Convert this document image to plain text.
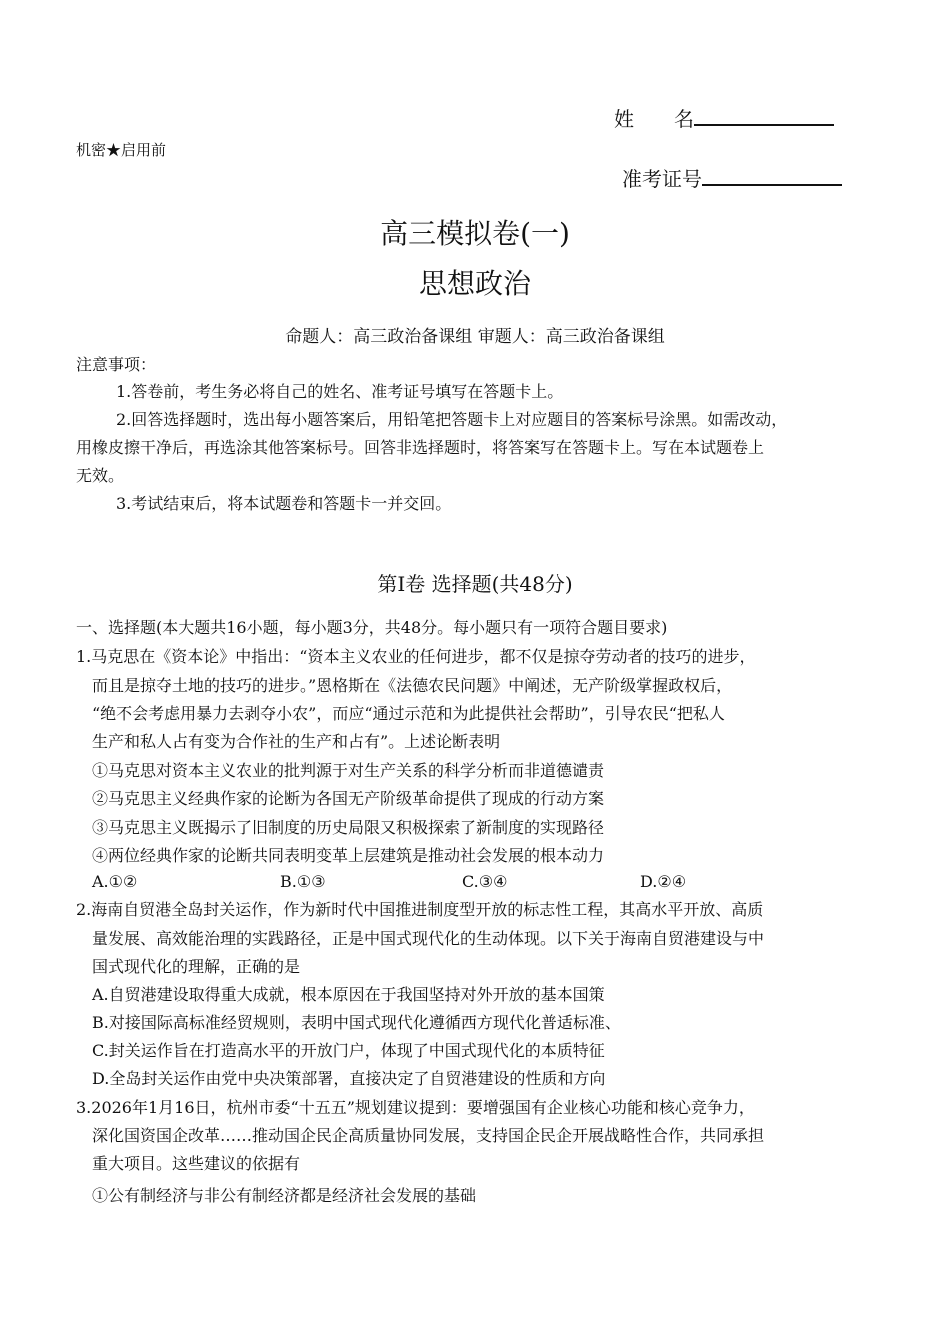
姓　　名
机密★启用前
准考证号
高三模拟卷(一)
思想政治
命题人：高三政治备课组 审题人：高三政治备课组
注意事项：
1.答卷前，考生务必将自己的姓名、准考证号填写在答题卡上。
2.回答选择题时，选出每小题答案后，用铅笔把答题卡上对应题目的答案标号涂黑。如需改动，
用橡皮擦干净后，再选涂其他答案标号。回答非选择题时，将答案写在答题卡上。写在本试题卷上
无效。
3.考试结束后，将本试题卷和答题卡一并交回。
第Ⅰ卷 选择题(共48分)
一、选择题(本大题共16小题，每小题3分，共48分。每小题只有一项符合题目要求)
1.马克思在《资本论》中指出：“资本主义农业的任何进步，都不仅是掠夺劳动者的技巧的进步，
而且是掠夺土地的技巧的进步。”恩格斯在《法德农民问题》中阐述，无产阶级掌握政权后，
“绝不会考虑用暴力去剥夺小农”，而应“通过示范和为此提供社会帮助”，引导农民“把私人
生产和私人占有变为合作社的生产和占有”。上述论断表明
①马克思对资本主义农业的批判源于对生产关系的科学分析而非道德谴责
②马克思主义经典作家的论断为各国无产阶级革命提供了现成的行动方案
③马克思主义既揭示了旧制度的历史局限又积极探索了新制度的实现路径
④两位经典作家的论断共同表明变革上层建筑是推动社会发展的根本动力
A.①②	B.①③	C.③④	D.②④
2.海南自贸港全岛封关运作，作为新时代中国推进制度型开放的标志性工程，其高水平开放、高质
量发展、高效能治理的实践路径，正是中国式现代化的生动体现。以下关于海南自贸港建设与中
国式现代化的理解，正确的是
A.自贸港建设取得重大成就，根本原因在于我国坚持对外开放的基本国策
B.对接国际高标准经贸规则，表明中国式现代化遵循西方现代化普适标准、
C.封关运作旨在打造高水平的开放门户，体现了中国式现代化的本质特征
D.全岛封关运作由党中央决策部署，直接决定了自贸港建设的性质和方向
3.2026年1月16日，杭州市委“十五五”规划建议提到：要增强国有企业核心功能和核心竞争力，
深化国资国企改革……推动国企民企高质量协同发展，支持国企民企开展战略性合作，共同承担
重大项目。这些建议的依据有
①公有制经济与非公有制经济都是经济社会发展的基础
